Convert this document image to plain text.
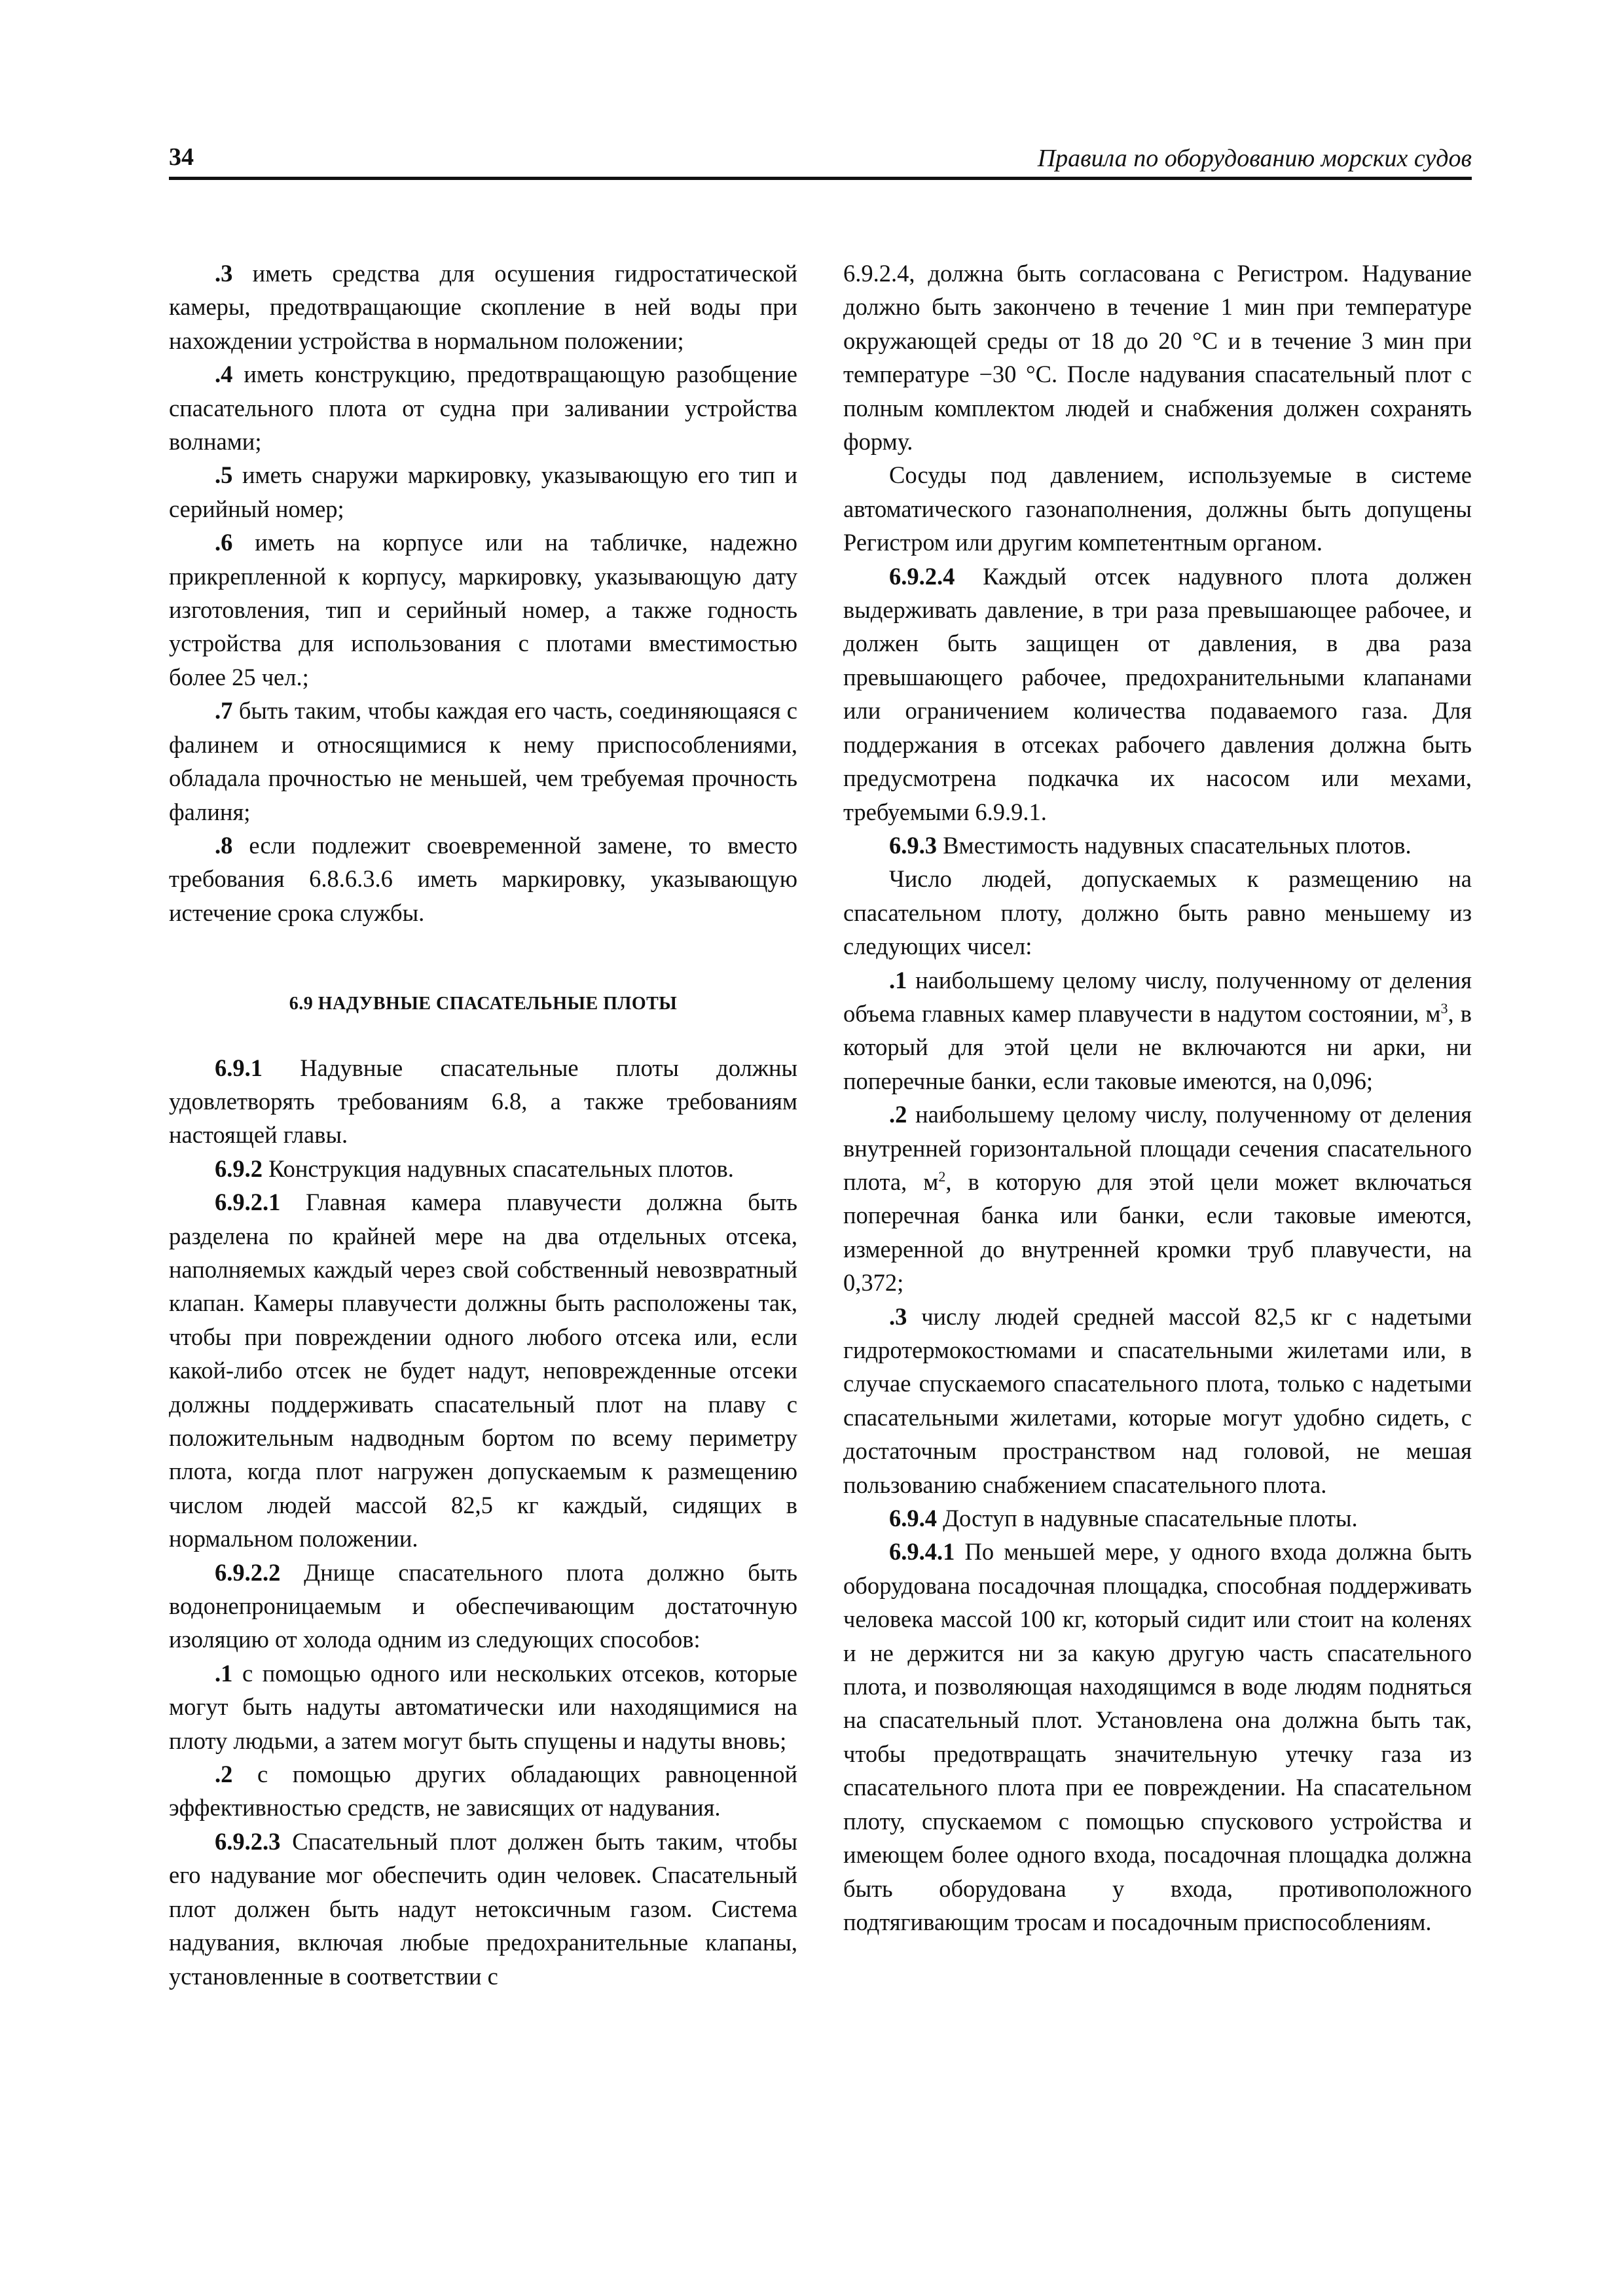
34	Правила по оборудованию морских судов

.3 иметь средства для осушения гидростатической камеры, предотвращающие скопление в ней воды при нахождении устройства в нормальном положении;

.4 иметь конструкцию, предотвращающую разобщение спасательного плота от судна при заливании устройства волнами;

.5 иметь снаружи маркировку, указывающую его тип и серийный номер;

.6 иметь на корпусе или на табличке, надежно прикрепленной к корпусу, маркировку, указывающую дату изготовления, тип и серийный номер, а также годность устройства для использования с плотами вместимостью более 25 чел.;

.7 быть таким, чтобы каждая его часть, соединяющаяся с фалинем и относящимися к нему приспособлениями, обладала прочностью не меньшей, чем требуемая прочность фалиня;

.8 если подлежит своевременной замене, то вместо требования 6.8.6.3.6 иметь маркировку, указывающую истечение срока службы.

6.9 НАДУВНЫЕ СПАСАТЕЛЬНЫЕ ПЛОТЫ

6.9.1 Надувные спасательные плоты должны удовлетворять требованиям 6.8, а также требованиям настоящей главы.

6.9.2 Конструкция надувных спасательных плотов.

6.9.2.1 Главная камера плавучести должна быть разделена по крайней мере на два отдельных отсека, наполняемых каждый через свой собственный невозвратный клапан. Камеры плавучести должны быть расположены так, чтобы при повреждении одного любого отсека или, если какой-либо отсек не будет надут, неповрежденные отсеки должны поддерживать спасательный плот на плаву с положительным надводным бортом по всему периметру плота, когда плот нагружен допускаемым к размещению числом людей массой 82,5 кг каждый, сидящих в нормальном положении.

6.9.2.2 Днище спасательного плота должно быть водонепроницаемым и обеспечивающим достаточную изоляцию от холода одним из следующих способов:

.1 с помощью одного или нескольких отсеков, которые могут быть надуты автоматически или находящимися на плоту людьми, а затем могут быть спущены и надуты вновь;

.2 с помощью других обладающих равноценной эффективностью средств, не зависящих от надувания.

6.9.2.3 Спасательный плот должен быть таким, чтобы его надувание мог обеспечить один человек. Спасательный плот должен быть надут нетоксичным газом. Система надувания, включая любые предохранительные клапаны, установленные в соответствии с

6.9.2.4, должна быть согласована с Регистром. Надувание должно быть закончено в течение 1 мин при температуре окружающей среды от 18 до 20 °С и в течение 3 мин при температуре −30 °С. После надувания спасательный плот с полным комплектом людей и снабжения должен сохранять форму.

Сосуды под давлением, используемые в системе автоматического газонаполнения, должны быть допущены Регистром или другим компетентным органом.

6.9.2.4 Каждый отсек надувного плота должен выдерживать давление, в три раза превышающее рабочее, и должен быть защищен от давления, в два раза превышающего рабочее, предохранительными клапанами или ограничением количества подаваемого газа. Для поддержания в отсеках рабочего давления должна быть предусмотрена подкачка их насосом или мехами, требуемыми 6.9.9.1.

6.9.3 Вместимость надувных спасательных плотов.

Число людей, допускаемых к размещению на спасательном плоту, должно быть равно меньшему из следующих чисел:

.1 наибольшему целому числу, полученному от деления объема главных камер плавучести в надутом состоянии, $м^3$, в который для этой цели не включаются ни арки, ни поперечные банки, если таковые имеются, на 0,096;

.2 наибольшему целому числу, полученному от деления внутренней горизонтальной площади сечения спасательного плота, $м^2$, в которую для этой цели может включаться поперечная банка или банки, если таковые имеются, измеренной до внутренней кромки труб плавучести, на 0,372;

.3 числу людей средней массой 82,5 кг с надетыми гидротермокостюмами и спасательными жилетами или, в случае спускаемого спасательного плота, только с надетыми спасательными жилетами, которые могут удобно сидеть, с достаточным пространством над головой, не мешая пользованию снабжением спасательного плота.

6.9.4 Доступ в надувные спасательные плоты.

6.9.4.1 По меньшей мере, у одного входа должна быть оборудована посадочная площадка, способная поддерживать человека массой 100 кг, который сидит или стоит на коленях и не держится ни за какую другую часть спасательного плота, и позволяющая находящимся в воде людям подняться на спасательный плот. Установлена она должна быть так, чтобы предотвращать значительную утечку газа из спасательного плота при ее повреждении. На спасательном плоту, спускаемом с помощью спускового устройства и имеющем более одного входа, посадочная площадка должна быть оборудована у входа, противоположного подтягивающим тросам и посадочным приспособлениям.
